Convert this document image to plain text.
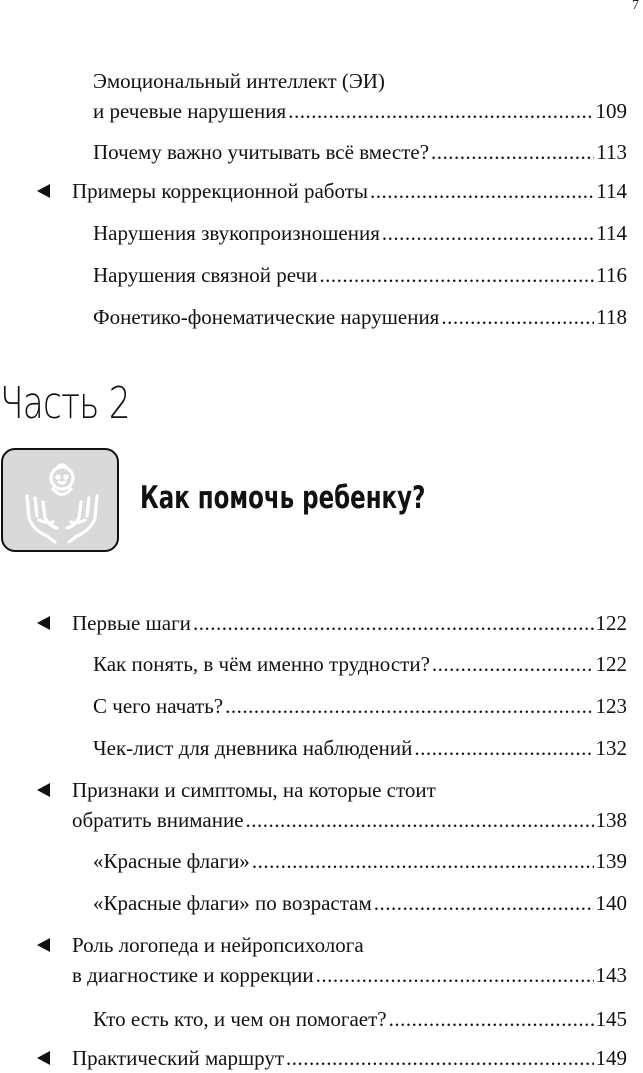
7
Эмоциональный интеллект (ЭИ)
и речевые нарушения .....	109
Почему важно учитывать всё вместе? .....	113
Примеры коррекционной работы .....	114
Нарушения звукопроизношения .....	114
Нарушения связной речи .....	116
Фонетико-фонематические нарушения .....	118
Часть 2
Как помочь ребенку?
Первые шаги .....	122
Как понять, в чём именно трудности? .....	122
С чего начать? .....	123
Чек-лист для дневника наблюдений .....	132
Признаки и симптомы, на которые стоит
обратить внимание .....	138
«Красные флаги» .....	139
«Красные флаги» по возрастам .....	140
Роль логопеда и нейропсихолога
в диагностике и коррекции .....	143
Кто есть кто, и чем он помогает? .....	145
Практический маршрут .....	149
